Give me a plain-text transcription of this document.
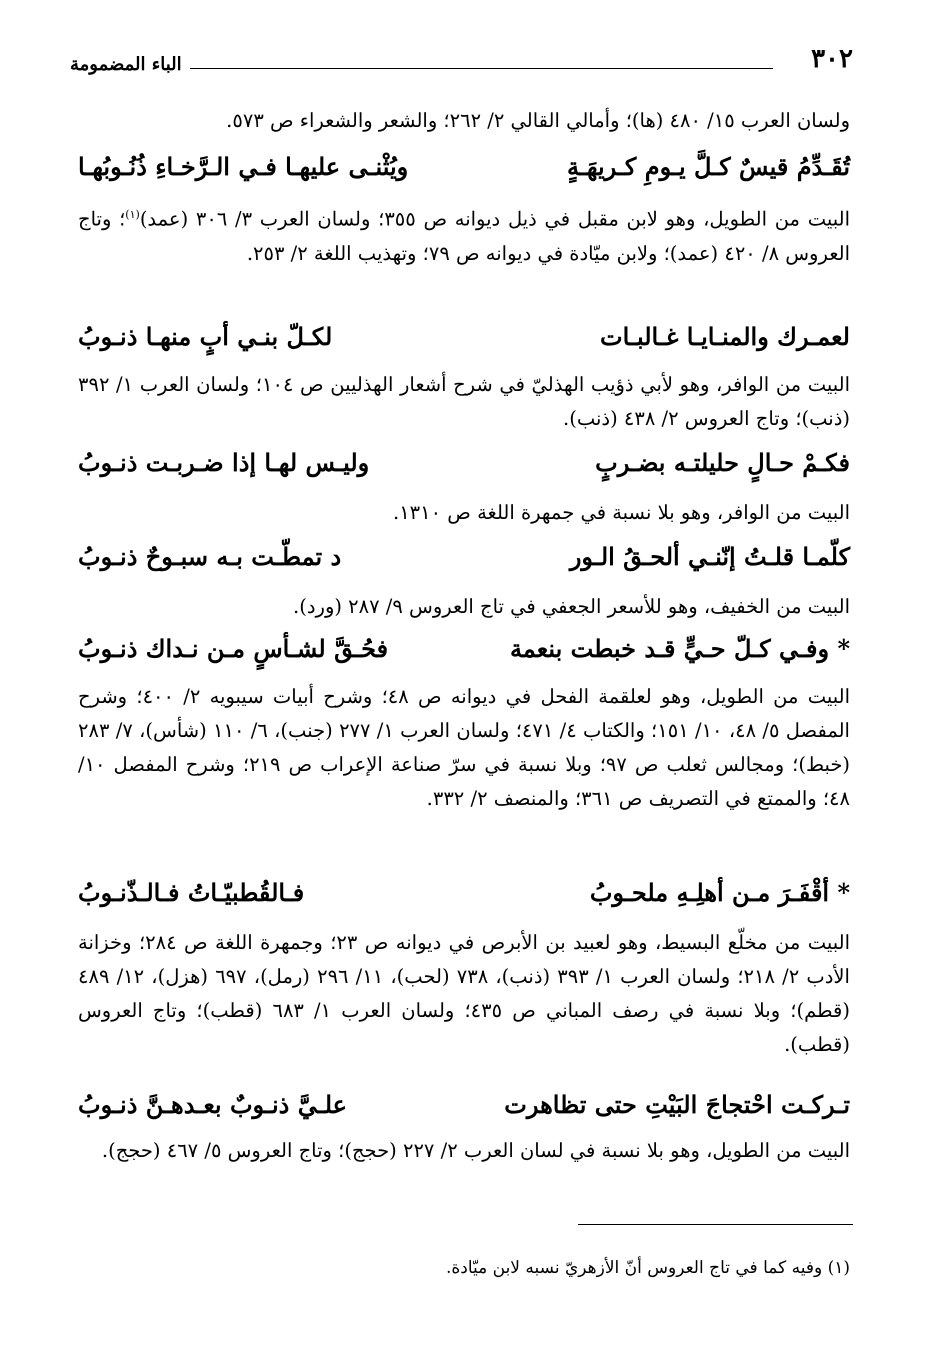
٣٠٢
الباء المضمومة

ولسان العرب ١٥/ ٤٨٠ (ها)؛ وأمالي القالي ٢/ ٢٦٢؛ والشعر والشعراء ص ٥٧٣.

تُقَـدِّمُ قيسٌ كـلَّ يـومِ كـريهَـةٍ
ويُثْنـى عليهـا فـي الـرَّخـاءِ ذُنُـوبُهـا

البيت من الطويل، وهو لابن مقبل في ذيل ديوانه ص ٣٥٥؛ ولسان العرب ٣/ ٣٠٦ (عمد)$^{(١)}$؛ وتاج العروس ٨/ ٤٢٠ (عمد)؛ ولابن ميّادة في ديوانه ص ٧٩؛ وتهذيب اللغة ٢/ ٢٥٣.

لعمـرك والمنـايـا غـالبـات
لكـلّ بنـي أبٍ منهـا ذنـوبُ

البيت من الوافر، وهو لأبي ذؤيب الهذليّ في شرح أشعار الهذليين ص ١٠٤؛ ولسان العرب ١/ ٣٩٢ (ذنب)؛ وتاج العروس ٢/ ٤٣٨ (ذنب).

فكـمْ حـالٍ حليلتـه بضـربٍ
وليـس لهـا إذا ضـربـت ذنـوبُ

البيت من الوافر، وهو بلا نسبة في جمهرة اللغة ص ١٣١٠.

كلّمـا قلـتُ إنّنـي ألحـقُ الـور
د تمطّـت بـه سبـوحٌ ذنـوبُ

البيت من الخفيف، وهو للأسعر الجعفي في تاج العروس ٩/ ٢٨٧ (ورد).

* وفـي كـلّ حـيٍّ قـد خبطت بنعمة
فحُـقَّ لشـأسٍ مـن نـداك ذنـوبُ

البيت من الطويل، وهو لعلقمة الفحل في ديوانه ص ٤٨؛ وشرح أبيات سيبويه ٢/ ٤٠٠؛ وشرح المفصل ٥/ ٤٨، ١٠/ ١٥١؛ والكتاب ٤/ ٤٧١؛ ولسان العرب ١/ ٢٧٧ (جنب)، ٦/ ١١٠ (شأس)، ٧/ ٢٨٣ (خبط)؛ ومجالس ثعلب ص ٩٧؛ وبلا نسبة في سرّ صناعة الإعراب ص ٢١٩؛ وشرح المفصل ١٠/ ٤٨؛ والممتع في التصريف ص ٣٦١؛ والمنصف ٢/ ٣٣٢.

* أقْفَـرَ مـن أهلِـهِ ملحـوبُ
فـالقُطبيّـاتُ فـالـذّنـوبُ

البيت من مخلّع البسيط، وهو لعبيد بن الأبرص في ديوانه ص ٢٣؛ وجمهرة اللغة ص ٢٨٤؛ وخزانة الأدب ٢/ ٢١٨؛ ولسان العرب ١/ ٣٩٣ (ذنب)، ٧٣٨ (لحب)، ١١/ ٢٩٦ (رمل)، ٦٩٧ (هزل)، ١٢/ ٤٨٩ (قطم)؛ وبلا نسبة في رصف المباني ص ٤٣٥؛ ولسان العرب ١/ ٦٨٣ (قطب)؛ وتاج العروس (قطب).

تـركـت احْتجاجَ البَيْتِ حتى تظاهرت
علـيَّ ذنـوبٌ بعـدهـنَّ ذنـوبُ

البيت من الطويل، وهو بلا نسبة في لسان العرب ٢/ ٢٢٧ (حجج)؛ وتاج العروس ٥/ ٤٦٧ (حجج).

(١) وفيه كما في تاج العروس أنّ الأزهريّ نسبه لابن ميّادة.
